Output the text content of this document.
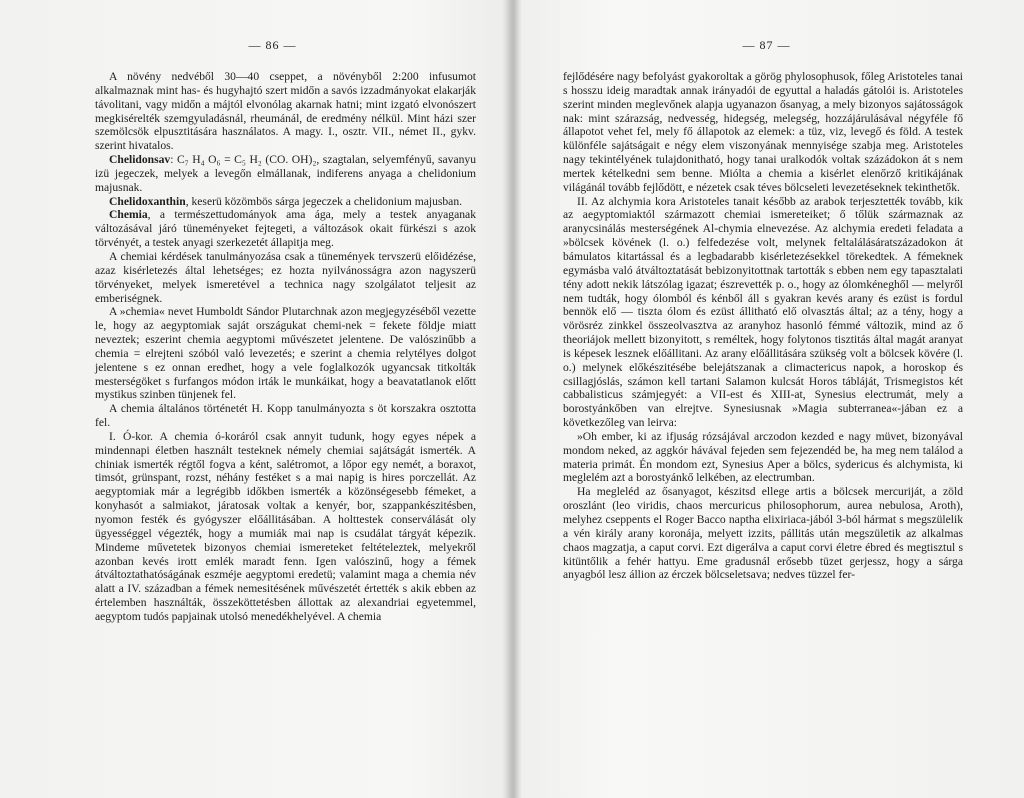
— 86 —

A növény nedvéből 30—40 cseppet, a növényből 2:200 infusumot alkalmaznak mint has- és hugyhajtó szert midőn a savós izzadmányokat elakarják távolitani, vagy midőn a májtól elvonólag akarnak hatni; mint izgató elvonószert megkisérelték szemgyuladásnál, rheumánál, de eredmény nélkül. Mint házi szer szemölcsök elpusztitására használatos. A magy. I., osztr. VII., német II., gykv. szerint hivatalos.

Chelidonsav: C₇ H₄ O₆ = C₅ H₂ (CO. OH)₂, szagtalan, selyemfényű, savanyu izü jegeczek, melyek a levegőn elmállanak, indiferens anyaga a chelidonium majusnak.

Chelidoxanthin, keserü közömbös sárga jegeczek a chelidonium majusban.

Chemia, a természettudományok ama ága, mely a testek anyaganak változásával járó tüneményeket fejtegeti, a változások okait fürkészi s azok törvényét, a testek anyagi szerkezetét állapitja meg.

A chemiai kérdések tanulmányozása csak a tünemények tervszerü előidézése, azaz kisérletezés által lehetséges; ez hozta nyilvánosságra azon nagyszerü törvényeket, melyek ismeretével a technica nagy szolgálatot teljesit az emberiségnek.

A »chemia« nevet Humboldt Sándor Plutarchnak azon megjegyzéséből vezette le, hogy az aegyptomiak saját országukat chemi-nek = fekete földje miatt neveztek; eszerint chemia aegyptomi művészetet jelentene. De valószinűbb a chemia = elrejteni szóból való levezetés; e szerint a chemia relytélyes dolgot jelentene s ez onnan eredhet, hogy a vele foglalkozók ugyancsak titkolták mesterségöket s furfangos módon irták le munkáikat, hogy a beavatatlanok előtt mystikus szinben tünjenek fel.

A chemia általános történetét H. Kopp tanulmányozta s öt korszakra osztotta fel.

I. Ó-kor. A chemia ó-koráról csak annyit tudunk, hogy egyes népek a mindennapi életben használt testeknek némely chemiai sajátságát ismerték. A chiniak ismerték régtől fogva a ként, salétromot, a lőpor egy nemét, a boraxot, timsót, grünspant, rozst, néhány festéket s a mai napig is hires porczellát. Az aegyptomiak már a legrégibb időkben ismerték a közönségesebb fémeket, a konyhasót a salmiakot, járatosak voltak a kenyér, bor, szappankészitésben, nyomon festék és gyógyszer előállitásában. A holttestek conserválását oly ügyességgel végezték, hogy a mumiák mai nap is csudálat tárgyát képezik. Mindeme művetetek bizonyos chemiai ismereteket feltételeztek, melyekről azonban kevés irott emlék maradt fenn. Igen valószinű, hogy a fémek átváltoztathatóságának eszméje aegyptomi eredetü; valamint maga a chemia név alatt a IV. században a fémek nemesitésének művészetét értették s akik ebben az értelemben használták, összeköttetésben állottak az alexandriai egyetemmel, aegyptom tudós papjainak utolsó menedékhelyével. A chemia

— 87 —

fejlődésére nagy befolyást gyakoroltak a görög phylosophusok, főleg Aristoteles tanai s hosszu ideig maradtak annak irányadói de egyuttal a haladás gátolói is. Aristoteles szerint minden meglevőnek alapja ugyanazon ősanyag, a mely bizonyos sajátosságok nak: mint szárazság, nedvesség, hidegség, melegség, hozzájárulásával négyféle fő állapotot vehet fel, mely fő állapotok az elemek: a tüz, viz, levegő és föld. A testek különféle sajátságait e négy elem viszonyának mennyisége szabja meg. Aristoteles nagy tekintélyének tulajdonitható, hogy tanai uralkodók voltak százádokon át s nem mertek kételkedni sem benne. Miólta a chemia a kisérlet elenőrző kritikájának világánál tovább fejlődött, e nézetek csak téves bölcseleti levezetéseknek tekinthetők.

II. Az alchymia kora Aristoteles tanait később az arabok terjesztették tovább, kik az aegyptomiaktól származott chemiai ismereteiket; ő tőlük származnak az aranycsinálás mesterségének Al-chymia elnevezése. Az alchymia eredeti feladata a »bölcsek kövének (l. o.) felfedezése volt, melynek feltalálásáratszázadokon át bámulatos kitartással és a legbadarabb kisérletezésekkel törekedtek. A fémeknek egymásba való átváltoztatását bebizonyitottnak tartották s ebben nem egy tapasztalati tény adott nekik látszólag igazat; észrevették p. o., hogy az ólomkéneghől — melyről nem tudták, hogy ólomból és kénből áll s gyakran kevés arany és ezüst is fordul bennök elő — tiszta ólom és ezüst állitható elő olvasztás által; az a tény, hogy a vörösréz zinkkel összeolvasztva az aranyhoz hasonló fémmé változik, mind az ő theoriájok mellett bizonyitott, s reméltek, hogy folytonos tisztitás által magát aranyat is képesek lesznek előállitani. Az arany előállitására szükség volt a bölcsek kövére (l. o.) melynek előkészitésébe belejátszanak a climactericus napok, a horoskop és csillagjóslás, számon kell tartani Salamon kulcsát Horos tábláját, Trismegistos két cabbalisticus számjegyét: a VII-est és XIII-at, Synesius electrumát, mely a borostyánkőben van elrejtve. Synesiusnak »Magia subterranea«-jában ez a következőleg van leirva:

»Oh ember, ki az ifjuság rózsájával arczodon kezded e nagy müvet, bizonyával mondom neked, az aggkór hávával fejeden sem fejezendéd be, ha meg nem találod a materia primát. Én mondom ezt, Synesius Aper a bölcs, sydericus és alchymista, ki meglelém azt a borostyánkő lelkében, az electrumban.

Ha megleléd az ősanyagot, készitsd ellege artis a bölcsek mercuriját, a zöld oroszlánt (leo viridis, chaos mercuricus philosophorum, aurea nebulosa, Aroth), melyhez cseppents el Roger Bacco naptha elixiriaca-jából 3-ból hármat s megszülelik a vén király arany koronája, melyett izzits, pállitás után megszületik az alkalmas chaos magzatja, a caput corvi. Ezt digerálva a caput corvi életre ébred és megtisztul s kitüntőlik a fehér hattyu. Eme gradusnál erősebb tüzet gerjessz, hogy a sárga anyagból lesz állion az érczek bölcseletsava; nedves tüzzel fer-
